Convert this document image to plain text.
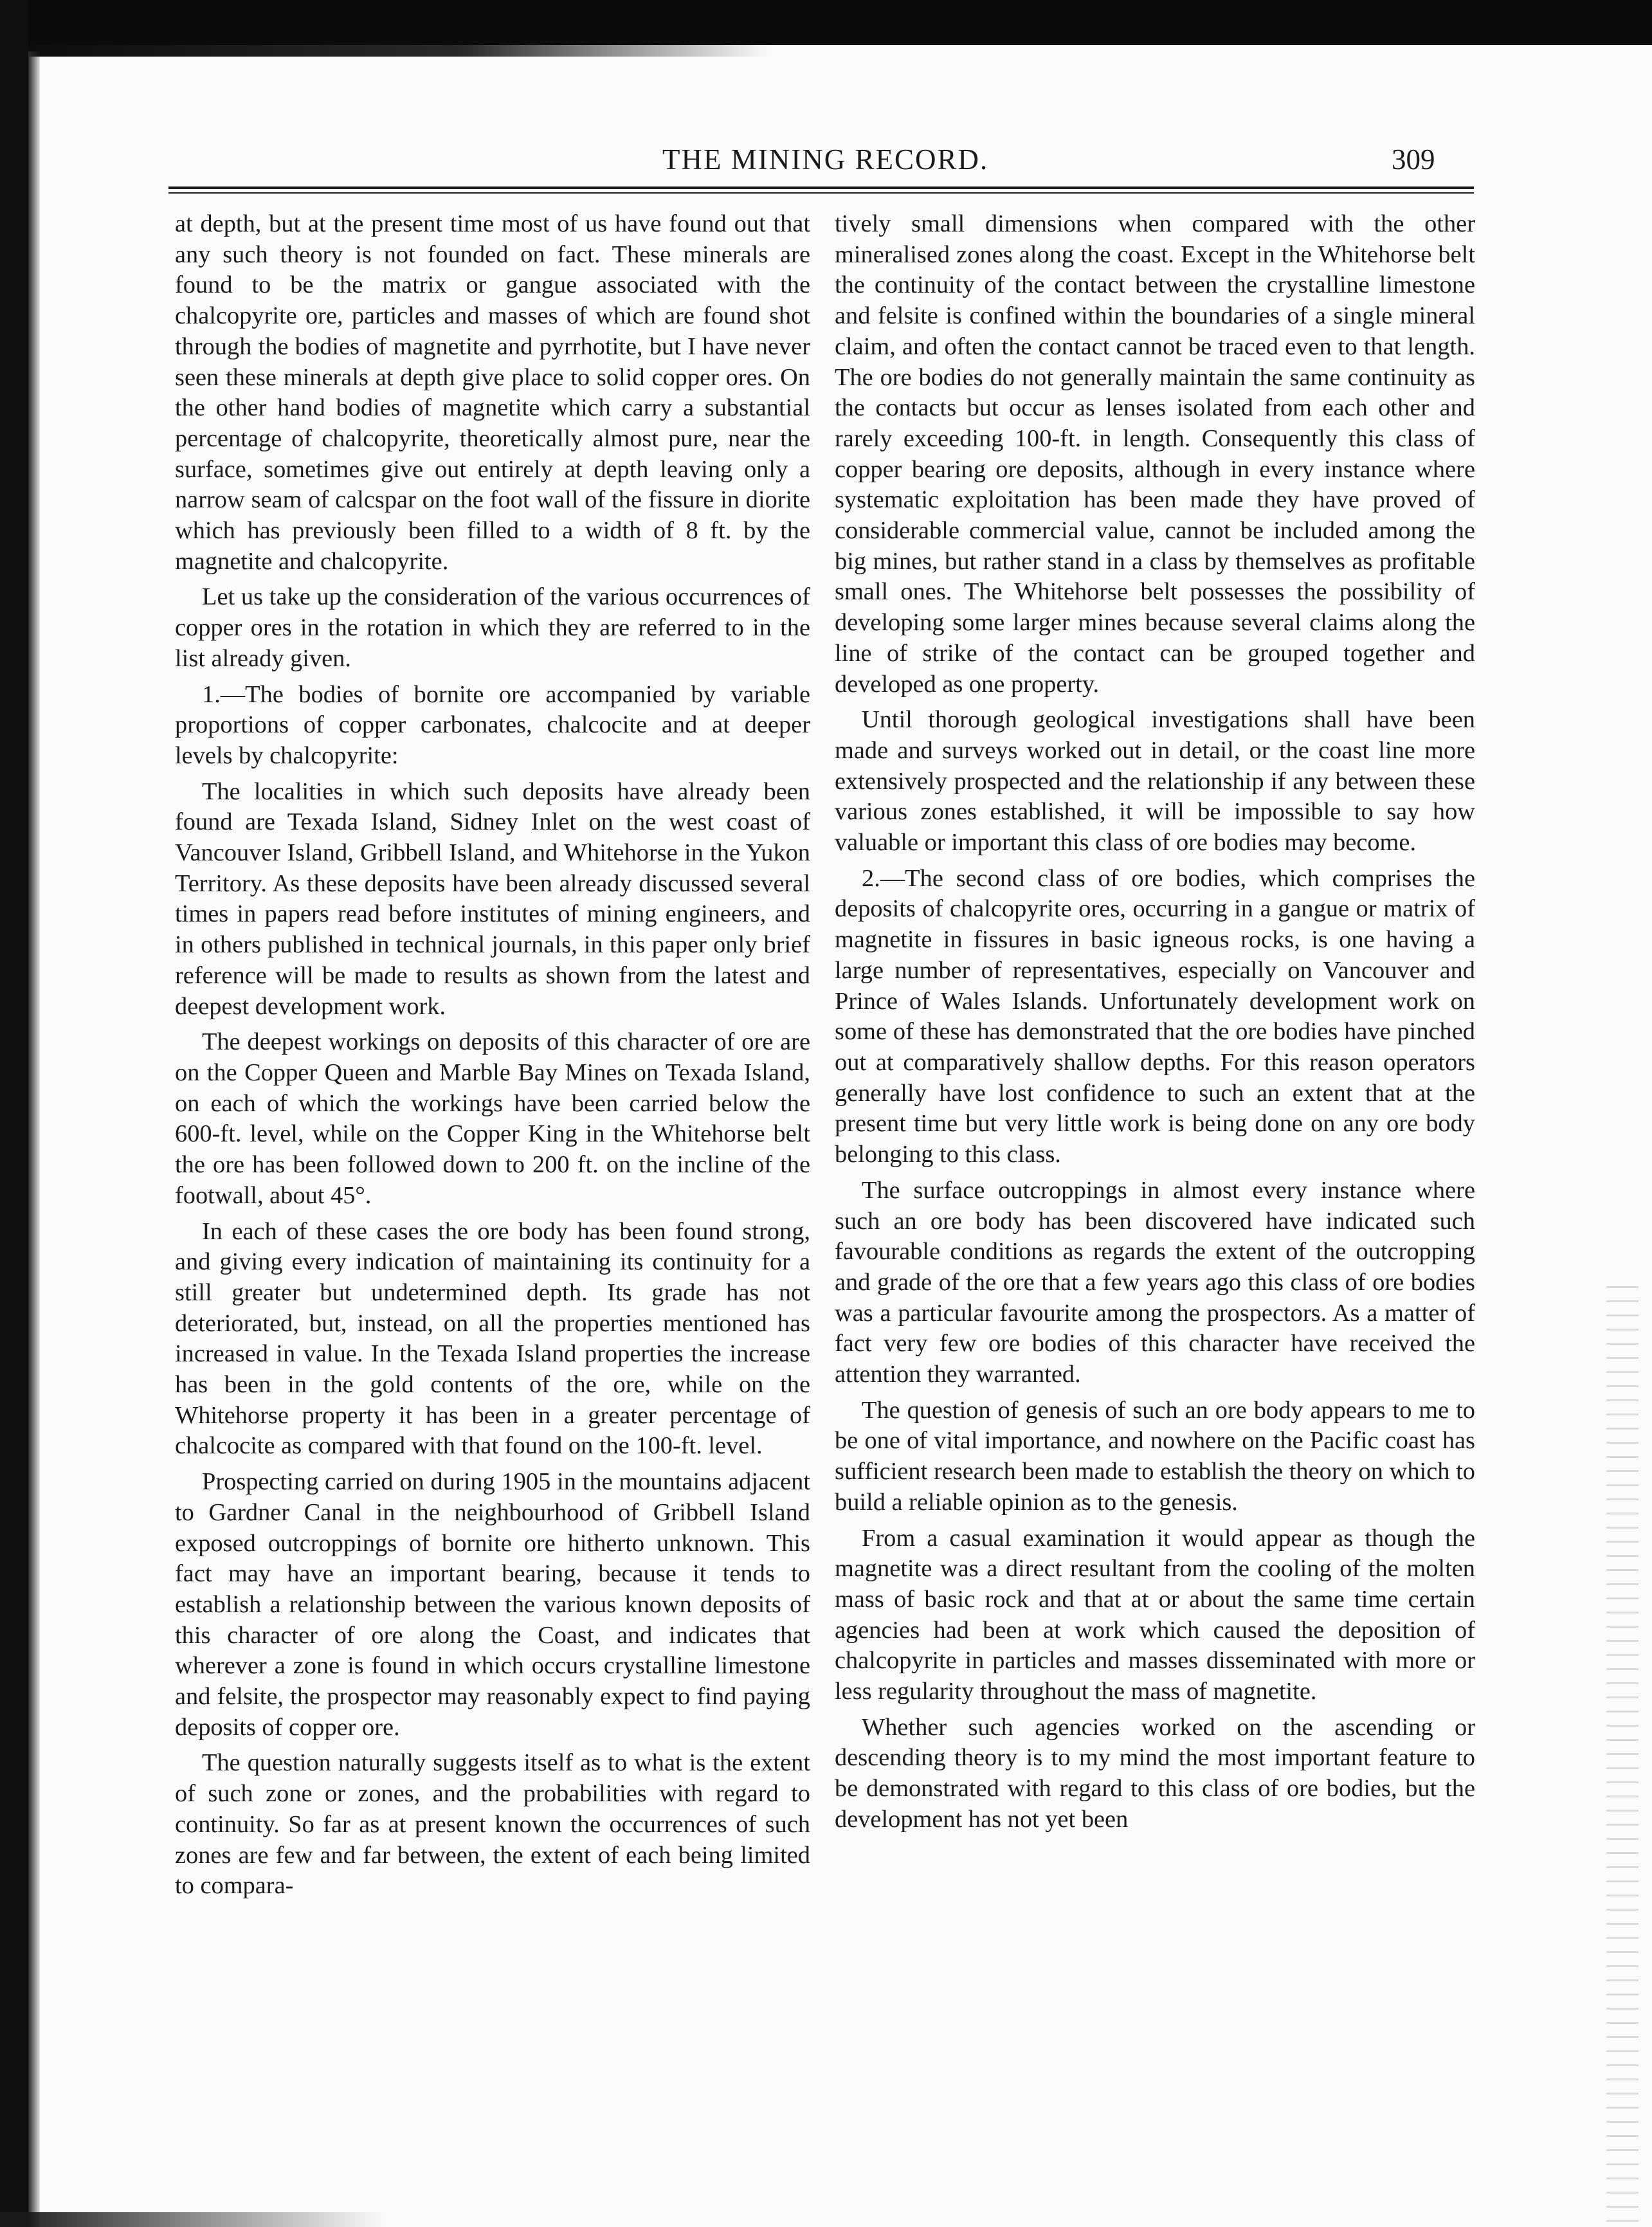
THE MINING RECORD.	309

at depth, but at the present time most of us have found out that any such theory is not founded on fact. These minerals are found to be the matrix or gangue associated with the chalcopyrite ore, particles and masses of which are found shot through the bodies of magnetite and pyrrhotite, but I have never seen these minerals at depth give place to solid copper ores. On the other hand bodies of magnetite which carry a substantial percentage of chalcopyrite, theoretically almost pure, near the surface, sometimes give out entirely at depth leaving only a narrow seam of calcspar on the foot wall of the fissure in diorite which has previously been filled to a width of 8 ft. by the magnetite and chalcopyrite.

Let us take up the consideration of the various occurrences of copper ores in the rotation in which they are referred to in the list already given.

1.—The bodies of bornite ore accompanied by variable proportions of copper carbonates, chalcocite and at deeper levels by chalcopyrite:

The localities in which such deposits have already been found are Texada Island, Sidney Inlet on the west coast of Vancouver Island, Gribbell Island, and Whitehorse in the Yukon Territory. As these deposits have been already discussed several times in papers read before institutes of mining engineers, and in others published in technical journals, in this paper only brief reference will be made to results as shown from the latest and deepest development work.

The deepest workings on deposits of this character of ore are on the Copper Queen and Marble Bay Mines on Texada Island, on each of which the workings have been carried below the 600-ft. level, while on the Copper King in the Whitehorse belt the ore has been followed down to 200 ft. on the incline of the footwall, about 45°.

In each of these cases the ore body has been found strong, and giving every indication of maintaining its continuity for a still greater but undetermined depth. Its grade has not deteriorated, but, instead, on all the properties mentioned has increased in value. In the Texada Island properties the increase has been in the gold contents of the ore, while on the Whitehorse property it has been in a greater percentage of chalcocite as compared with that found on the 100-ft. level.

Prospecting carried on during 1905 in the mountains adjacent to Gardner Canal in the neighbourhood of Gribbell Island exposed outcroppings of bornite ore hitherto unknown. This fact may have an important bearing, because it tends to establish a relationship between the various known deposits of this character of ore along the Coast, and indicates that wherever a zone is found in which occurs crystalline limestone and felsite, the prospector may reasonably expect to find paying deposits of copper ore.

The question naturally suggests itself as to what is the extent of such zone or zones, and the probabilities with regard to continuity. So far as at present known the occurrences of such zones are few and far between, the extent of each being limited to compara-

tively small dimensions when compared with the other mineralised zones along the coast. Except in the Whitehorse belt the continuity of the contact between the crystalline limestone and felsite is confined within the boundaries of a single mineral claim, and often the contact cannot be traced even to that length. The ore bodies do not generally maintain the same continuity as the contacts but occur as lenses isolated from each other and rarely exceeding 100-ft. in length. Consequently this class of copper bearing ore deposits, although in every instance where systematic exploitation has been made they have proved of considerable commercial value, cannot be included among the big mines, but rather stand in a class by themselves as profitable small ones. The Whitehorse belt possesses the possibility of developing some larger mines because several claims along the line of strike of the contact can be grouped together and developed as one property.

Until thorough geological investigations shall have been made and surveys worked out in detail, or the coast line more extensively prospected and the relationship if any between these various zones established, it will be impossible to say how valuable or important this class of ore bodies may become.

2.—The second class of ore bodies, which comprises the deposits of chalcopyrite ores, occurring in a gangue or matrix of magnetite in fissures in basic igneous rocks, is one having a large number of representatives, especially on Vancouver and Prince of Wales Islands. Unfortunately development work on some of these has demonstrated that the ore bodies have pinched out at comparatively shallow depths. For this reason operators generally have lost confidence to such an extent that at the present time but very little work is being done on any ore body belonging to this class.

The surface outcroppings in almost every instance where such an ore body has been discovered have indicated such favourable conditions as regards the extent of the outcropping and grade of the ore that a few years ago this class of ore bodies was a particular favourite among the prospectors. As a matter of fact very few ore bodies of this character have received the attention they warranted.

The question of genesis of such an ore body appears to me to be one of vital importance, and nowhere on the Pacific coast has sufficient research been made to establish the theory on which to build a reliable opinion as to the genesis.

From a casual examination it would appear as though the magnetite was a direct resultant from the cooling of the molten mass of basic rock and that at or about the same time certain agencies had been at work which caused the deposition of chalcopyrite in particles and masses disseminated with more or less regularity throughout the mass of magnetite.

Whether such agencies worked on the ascending or descending theory is to my mind the most important feature to be demonstrated with regard to this class of ore bodies, but the development has not yet been
